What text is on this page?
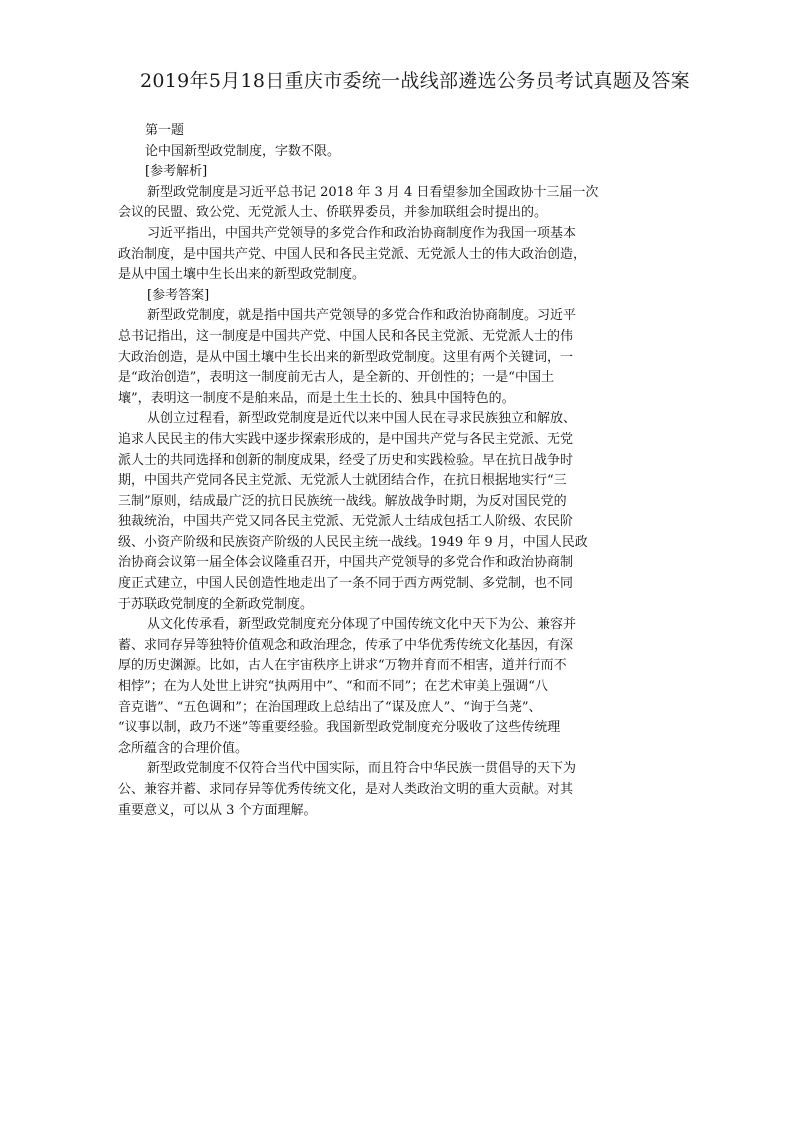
2019年5月18日重庆市委统一战线部遴选公务员考试真题及答案
第一题
论中国新型政党制度，字数不限。
[参考解析]
新型政党制度是习近平总书记 2018 年 3 月 4 日看望参加全国政协十三届一次
会议的民盟、致公党、无党派人士、侨联界委员，并参加联组会时提出的。
习近平指出，中国共产党领导的多党合作和政治协商制度作为我国一项基本
政治制度，是中国共产党、中国人民和各民主党派、无党派人士的伟大政治创造，
是从中国土壤中生长出来的新型政党制度。
[参考答案]
新型政党制度，就是指中国共产党领导的多党合作和政治协商制度。习近平
总书记指出，这一制度是中国共产党、中国人民和各民主党派、无党派人士的伟
大政治创造，是从中国土壤中生长出来的新型政党制度。这里有两个关键词，一
是“政治创造”，表明这一制度前无古人，是全新的、开创性的；一是“中国土
壤”，表明这一制度不是舶来品，而是土生土长的、独具中国特色的。
从创立过程看，新型政党制度是近代以来中国人民在寻求民族独立和解放、
追求人民民主的伟大实践中逐步探索形成的，是中国共产党与各民主党派、无党
派人士的共同选择和创新的制度成果，经受了历史和实践检验。早在抗日战争时
期，中国共产党同各民主党派、无党派人士就团结合作，在抗日根据地实行“三
三制”原则，结成最广泛的抗日民族统一战线。解放战争时期，为反对国民党的
独裁统治，中国共产党又同各民主党派、无党派人士结成包括工人阶级、农民阶
级、小资产阶级和民族资产阶级的人民民主统一战线。1949 年 9 月，中国人民政
治协商会议第一届全体会议隆重召开，中国共产党领导的多党合作和政治协商制
度正式建立，中国人民创造性地走出了一条不同于西方两党制、多党制，也不同
于苏联政党制度的全新政党制度。
从文化传承看，新型政党制度充分体现了中国传统文化中天下为公、兼容并
蓄、求同存异等独特价值观念和政治理念，传承了中华优秀传统文化基因，有深
厚的历史渊源。比如，古人在宇宙秩序上讲求“万物并育而不相害，道并行而不
相悖”；在为人处世上讲究“执两用中”、“和而不同”；在艺术审美上强调“八
音克谐”、“五色调和”；在治国理政上总结出了“谋及庶人”、“询于刍荛”、
“议事以制，政乃不迷”等重要经验。我国新型政党制度充分吸收了这些传统理
念所蕴含的合理价值。
新型政党制度不仅符合当代中国实际，而且符合中华民族一贯倡导的天下为
公、兼容并蓄、求同存异等优秀传统文化，是对人类政治文明的重大贡献。对其
重要意义，可以从 3 个方面理解。
